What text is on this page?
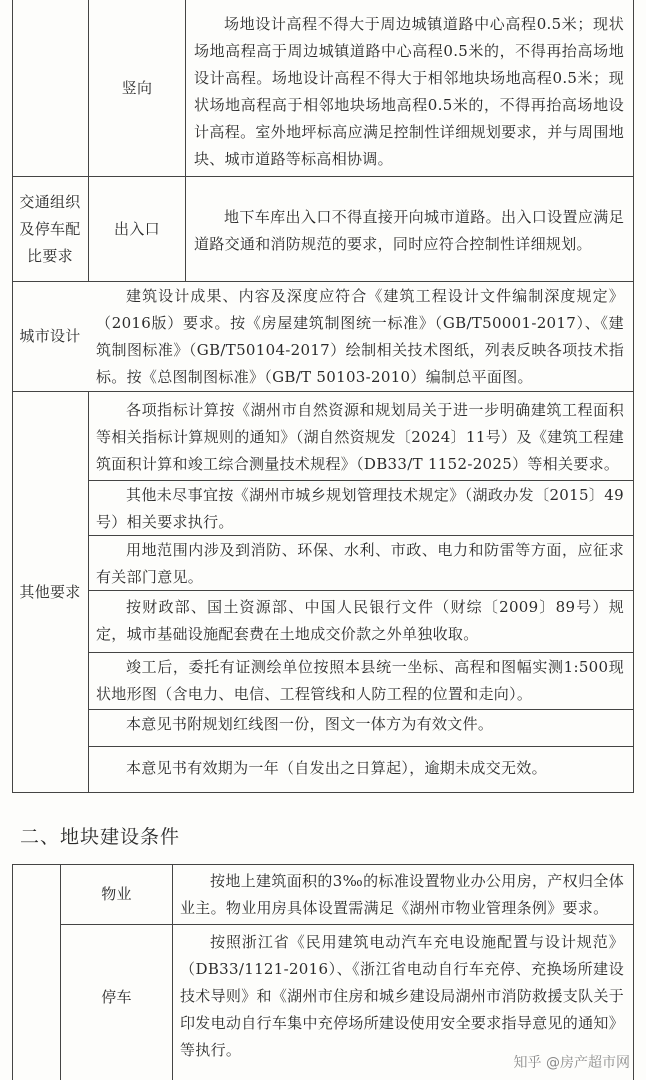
竖向
场地设计高程不得大于周边城镇道路中心高程0.5米；现状场地高程高于周边城镇道路中心高程0.5米的，不得再抬高场地设计高程。场地设计高程不得大于相邻地块场地高程0.5米；现状场地高程高于相邻地块场地高程0.5米的，不得再抬高场地设计高程。室外地坪标高应满足控制性详细规划要求，并与周围地块、城市道路等标高相协调。
交通组织及停车配比要求
出入口
地下车库出入口不得直接开向城市道路。出入口设置应满足道路交通和消防规范的要求，同时应符合控制性详细规划。
城市设计
建筑设计成果、内容及深度应符合《建筑工程设计文件编制深度规定》（2016版）要求。按《房屋建筑制图统一标准》（GB/T50001-2017）、《建筑制图标准》（GB/T50104-2017）绘制相关技术图纸，列表反映各项技术指标。按《总图制图标准》（GB/T 50103-2010）编制总平面图。
其他要求
各项指标计算按《湖州市自然资源和规划局关于进一步明确建筑工程面积等相关指标计算规则的通知》（湖自然资规发〔2024〕11号）及《建筑工程建筑面积计算和竣工综合测量技术规程》（DB33/T 1152-2025）等相关要求。
其他未尽事宜按《湖州市城乡规划管理技术规定》（湖政办发〔2015〕49号）相关要求执行。
用地范围内涉及到消防、环保、水利、市政、电力和防雷等方面，应征求有关部门意见。
按财政部、国土资源部、中国人民银行文件（财综〔2009〕89号）规定，城市基础设施配套费在土地成交价款之外单独收取。
竣工后，委托有证测绘单位按照本县统一坐标、高程和图幅实测1:500现状地形图（含电力、电信、工程管线和人防工程的位置和走向）。
本意见书附规划红线图一份，图文一体方为有效文件。
本意见书有效期为一年（自发出之日算起），逾期未成交无效。
二、地块建设条件
物业
按地上建筑面积的3‰的标准设置物业办公用房，产权归全体业主。物业用房具体设置需满足《湖州市物业管理条例》要求。
停车
按照浙江省《民用建筑电动汽车充电设施配置与设计规范》（DB33/1121-2016）、《浙江省电动自行车充停、充换场所建设技术导则》和《湖州市住房和城乡建设局湖州市消防救援支队关于印发电动自行车集中充停场所建设使用安全要求指导意见的通知》等执行。
知乎 @房产超市网
